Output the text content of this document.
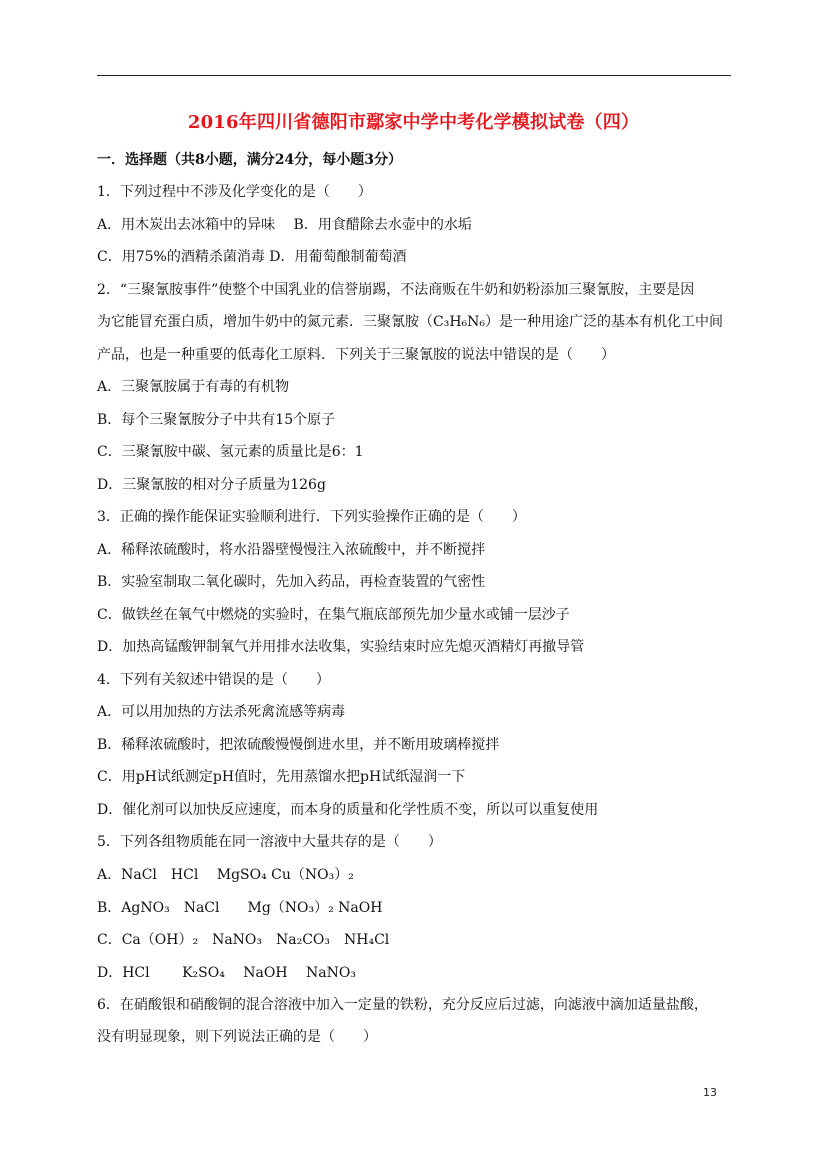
2016年四川省德阳市鄢家中学中考化学模拟试卷（四）
一．选择题（共8小题，满分24分，每小题3分）
1．下列过程中不涉及化学变化的是（　　）
A．用木炭出去冰箱中的异味　 B．用食醋除去水壶中的水垢
C．用75%的酒精杀菌消毒 D．用葡萄酿制葡萄酒
2．“三聚氰胺事件”使整个中国乳业的信誉崩踢，不法商贩在牛奶和奶粉添加三聚氰胺，主要是因
为它能冒充蛋白质，增加牛奶中的氮元素．三聚氰胺（C₃H₆N₆）是一种用途广泛的基本有机化工中间
产品，也是一种重要的低毒化工原料．下列关于三聚氰胺的说法中错误的是（　　）
A．三聚氰胺属于有毒的有机物
B．每个三聚氰胺分子中共有15个原子
C．三聚氰胺中碳、氢元素的质量比是6：1
D．三聚氰胺的相对分子质量为126g
3．正确的操作能保证实验顺利进行．下列实验操作正确的是（　　）
A．稀释浓硫酸时，将水沿器壁慢慢注入浓硫酸中，并不断搅拌
B．实验室制取二氧化碳时，先加入药品，再检查装置的气密性
C．做铁丝在氧气中燃烧的实验时，在集气瓶底部预先加少量水或铺一层沙子
D．加热高锰酸钾制氧气并用排水法收集，实验结束时应先熄灭酒精灯再撤导管
4．下列有关叙述中错误的是（　　）
A．可以用加热的方法杀死禽流感等病毒
B．稀释浓硫酸时，把浓硫酸慢慢倒进水里，并不断用玻璃棒搅拌
C．用pH试纸测定pH值时，先用蒸馏水把pH试纸湿润一下
D．催化剂可以加快反应速度，而本身的质量和化学性质不变，所以可以重复使用
5．下列各组物质能在同一溶液中大量共存的是（　　）
A．NaCl　HCl　 MgSO₄ Cu（NO₃）₂
B．AgNO₃　NaCl　　Mg（NO₃）₂ NaOH
C．Ca（OH）₂　NaNO₃　Na₂CO₃　NH₄Cl
D．HCl　　 K₂SO₄　 NaOH　 NaNO₃
6．在硝酸银和硝酸铜的混合溶液中加入一定量的铁粉，充分反应后过滤，向滤液中滴加适量盐酸，
没有明显现象，则下列说法正确的是（　　）
13
